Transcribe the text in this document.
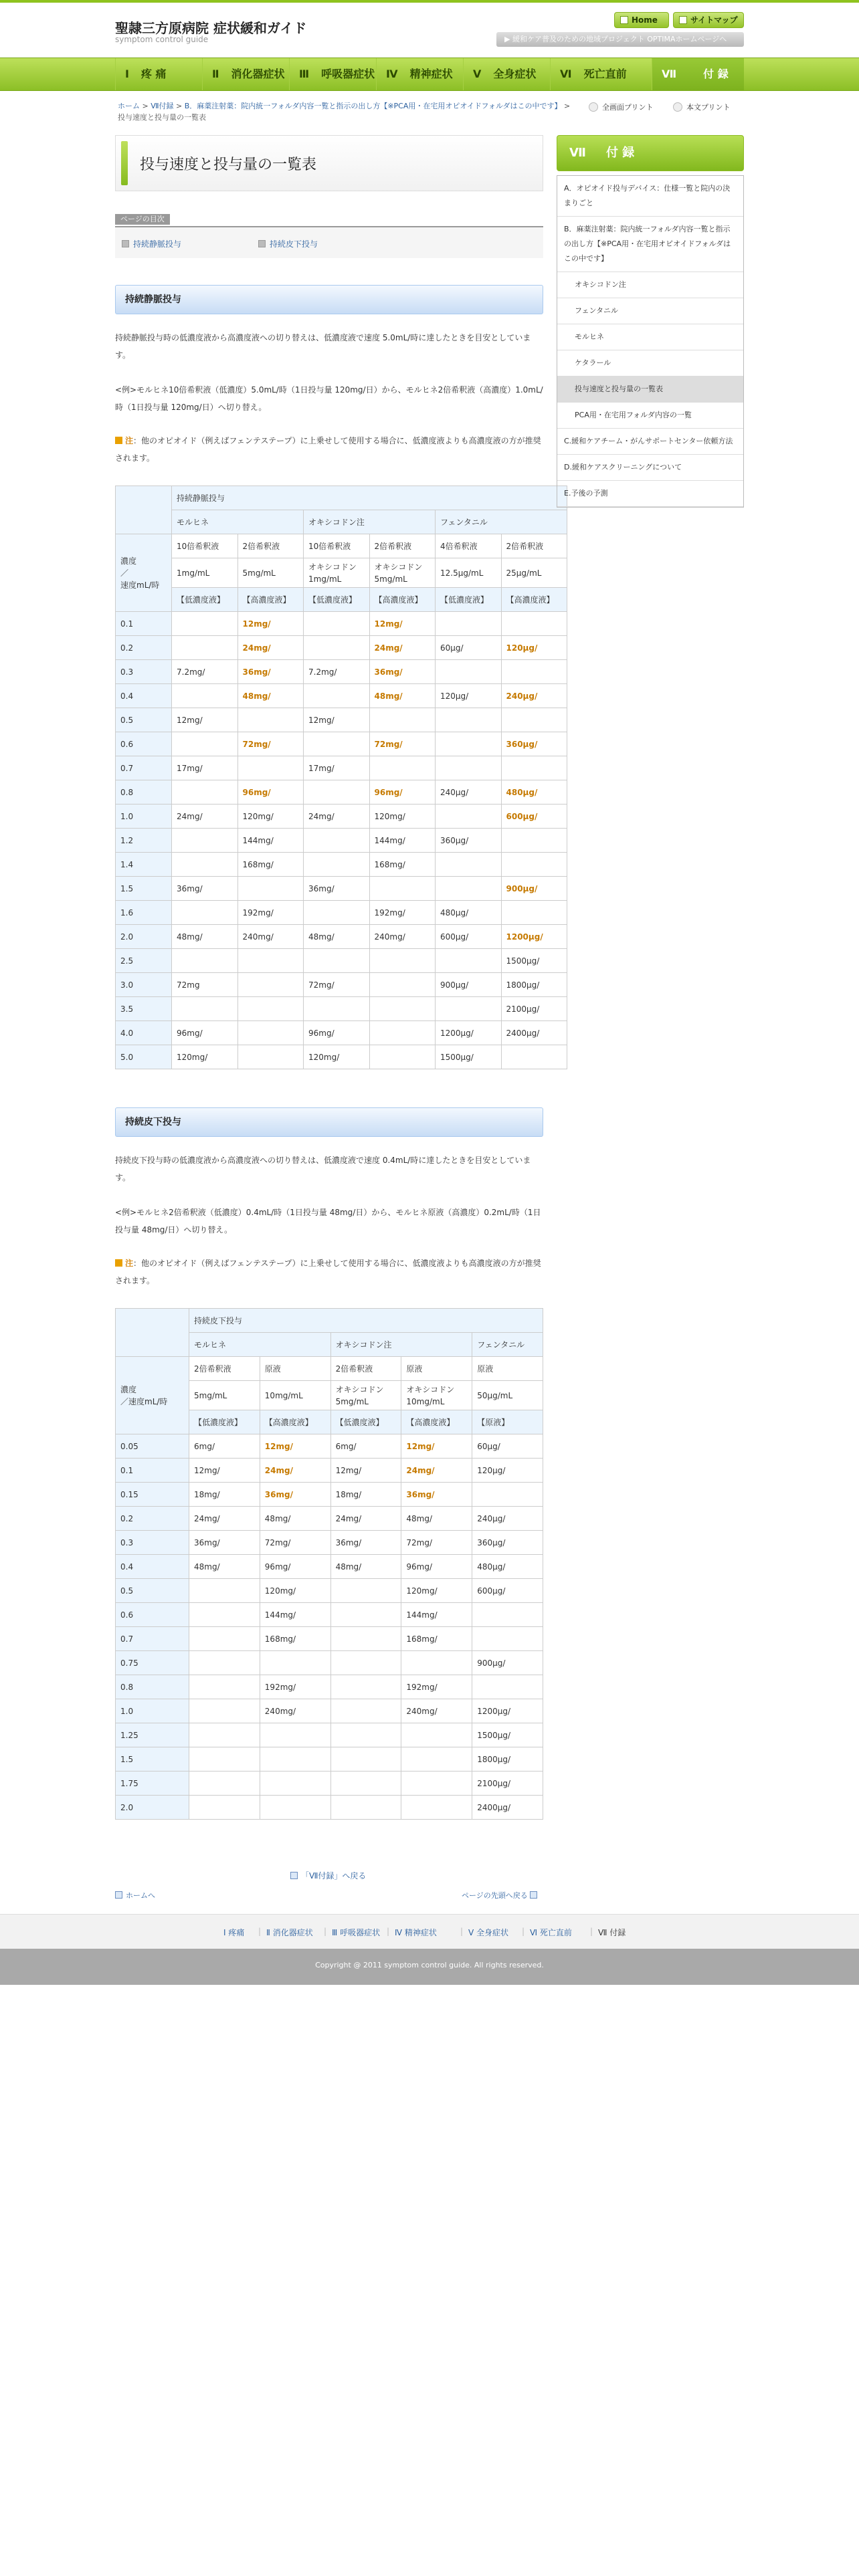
聖隷三方原病院 症状緩和ガイド
symptom control guide
Home	サイトマップ
▶ 緩和ケア普及のための地域プロジェクト OPTIMAホームページへ
Ⅰ 疼 痛	Ⅱ 消化器症状	Ⅲ 呼吸器症状	Ⅳ 精神症状	Ⅴ 全身症状	Ⅵ 死亡直前	Ⅶ	付 録
ホーム > Ⅶ付録 > B．麻薬注射薬：院内統一フォルダ内容一覧と指示の出し方【※PCA用・在宅用オピオイドフォルダはこの中です】 > 投与速度と投与量の一覧表
全画面プリント	本文プリント
投与速度と投与量の一覧表
ページの目次
持続静脈投与	持続皮下投与
持続静脈投与
持続静脈投与時の低濃度液から高濃度液への切り替えは、低濃度液で速度 5.0mL/時に達したときを目安としています。
<例>モルヒネ10倍希釈液（低濃度）5.0mL/時（1日投与量 120mg/日）から、モルヒネ2倍希釈液（高濃度）1.0mL/時（1日投与量 120mg/日）へ切り替え。
注：他のオピオイド（例えばフェンテステープ）に上乗せして使用する場合に、低濃度液よりも高濃度液の方が推奨されます。
	持続静脈投与					
	モルヒネ		オキシコドン注		フェンタニル	
濃度
／
速度mL/時	10倍希釈液	2倍希釈液	10倍希釈液	2倍希釈液	4倍希釈液	2倍希釈液
	1mg/mL	5mg/mL	オキシコドン1mg/mL	オキシコドン5mg/mL	12.5μg/mL	25μg/mL
	【低濃度液】	【高濃度液】	【低濃度液】	【高濃度液】	【低濃度液】	【高濃度液】
0.1		12mg/		12mg/		
0.2		24mg/		24mg/	60μg/	120μg/
0.3	7.2mg/	36mg/	7.2mg/	36mg/		
0.4		48mg/		48mg/	120μg/	240μg/
0.5	12mg/		12mg/			
0.6		72mg/		72mg/		360μg/
0.7	17mg/		17mg/			
0.8		96mg/		96mg/	240μg/	480μg/
1.0	24mg/	120mg/	24mg/	120mg/		600μg/
1.2		144mg/		144mg/	360μg/	
1.4		168mg/		168mg/		
1.5	36mg/		36mg/			900μg/
1.6		192mg/		192mg/	480μg/	
2.0	48mg/	240mg/	48mg/	240mg/	600μg/	1200μg/
2.5						1500μg/
3.0	72mg		72mg/		900μg/	1800μg/
3.5						2100μg/
4.0	96mg/		96mg/		1200μg/	2400μg/
5.0	120mg/		120mg/		1500μg/	
持続皮下投与
持続皮下投与時の低濃度液から高濃度液への切り替えは、低濃度液で速度 0.4mL/時に達したときを目安としています。
<例>モルヒネ2倍希釈液（低濃度）0.4mL/時（1日投与量 48mg/日）から、モルヒネ原液（高濃度）0.2mL/時（1日投与量 48mg/日）へ切り替え。
注：他のオピオイド（例えばフェンテステープ）に上乗せして使用する場合に、低濃度液よりも高濃度液の方が推奨されます。
	持続皮下投与				
	モルヒネ		オキシコドン注		フェンタニル
濃度
／速度mL/時	2倍希釈液	原液	2倍希釈液	原液	原液
	5mg/mL	10mg/mL	オキシコドン5mg/mL	オキシコドン10mg/mL	50μg/mL
	【低濃度液】	【高濃度液】	【低濃度液】	【高濃度液】	【原液】
0.05	6mg/	12mg/	6mg/	12mg/	60μg/
0.1	12mg/	24mg/	12mg/	24mg/	120μg/
0.15	18mg/	36mg/	18mg/	36mg/	
0.2	24mg/	48mg/	24mg/	48mg/	240μg/
0.3	36mg/	72mg/	36mg/	72mg/	360μg/
0.4	48mg/	96mg/	48mg/	96mg/	480μg/
0.5		120mg/		120mg/	600μg/
0.6		144mg/		144mg/	
0.7		168mg/		168mg/	
0.75					900μg/
0.8		192mg/		192mg/	
1.0		240mg/		240mg/	1200μg/
1.25					1500μg/
1.5					1800μg/
1.75					2100μg/
2.0					2400μg/
Ⅶ 付 録
A．オピオイド投与デバイス：仕様一覧と院内の決まりごと
B．麻薬注射薬：院内統一フォルダ内容一覧と指示の出し方【※PCA用・在宅用オピオイドフォルダはこの中です】
オキシコドン注
フェンタニル
モルヒネ
ケタラール
投与速度と投与量の一覧表
PCA用・在宅用フォルダ内容の一覧
C.緩和ケアチーム・がんサポートセンター依頼方法
D.緩和ケアスクリーニングについて
E.予後の予測
「Ⅶ付録」へ戻る
ホームへ	ページの先頭へ戻る
Ⅰ 疼痛 | Ⅱ 消化器症状 | Ⅲ 呼吸器症状 | Ⅳ 精神症状	| Ⅴ 全身症状 | Ⅵ 死亡直前 | Ⅶ 付録
Copyright @ 2011 symptom control guide. All rights reserved.
